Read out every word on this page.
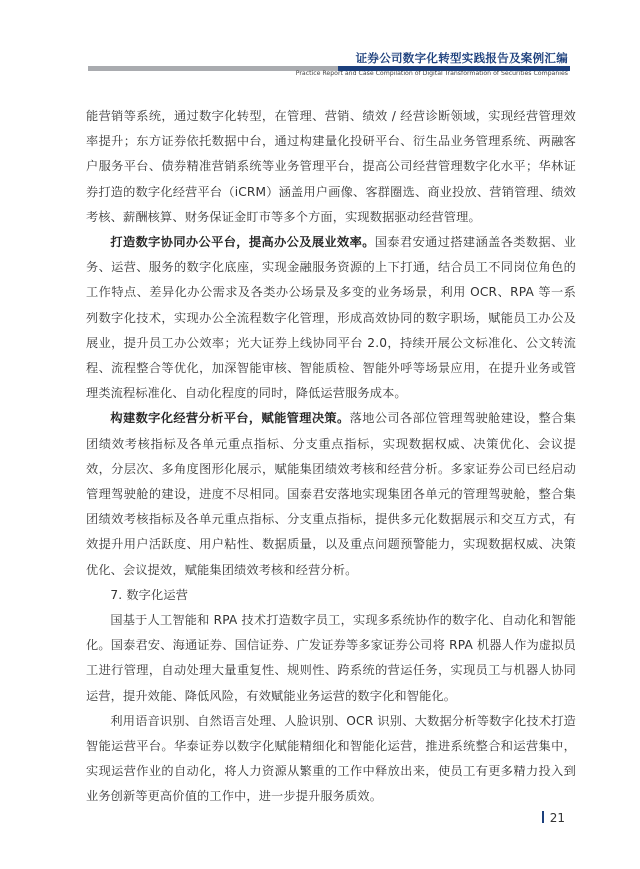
证券公司数字化转型实践报告及案例汇编
Practice Report and Case Compilation of Digital Transformation of Securities Companies

能营销等系统，通过数字化转型，在管理、营销、绩效 / 经营诊断领域，实现经营管理效率提升；东方证券依托数据中台，通过构建量化投研平台、衍生品业务管理系统、两融客户服务平台、债券精准营销系统等业务管理平台，提高公司经营管理数字化水平；华林证券打造的数字化经营平台（iCRM）涵盖用户画像、客群圈选、商业投放、营销管理、绩效考核、薪酬核算、财务保证金盯市等多个方面，实现数据驱动经营管理。

打造数字协同办公平台，提高办公及展业效率。国泰君安通过搭建涵盖各类数据、业务、运营、服务的数字化底座，实现金融服务资源的上下打通，结合员工不同岗位角色的工作特点、差异化办公需求及各类办公场景及多变的业务场景，利用 OCR、RPA 等一系列数字化技术，实现办公全流程数字化管理，形成高效协同的数字职场，赋能员工办公及展业，提升员工办公效率；光大证券上线协同平台 2.0，持续开展公文标准化、公文转流程、流程整合等优化，加深智能审核、智能质检、智能外呼等场景应用，在提升业务或管理类流程标准化、自动化程度的同时，降低运营服务成本。

构建数字化经营分析平台，赋能管理决策。落地公司各部位管理驾驶舱建设，整合集团绩效考核指标及各单元重点指标、分支重点指标，实现数据权威、决策优化、会议提效，分层次、多角度图形化展示，赋能集团绩效考核和经营分析。多家证券公司已经启动管理驾驶舱的建设，进度不尽相同。国泰君安落地实现集团各单元的管理驾驶舱，整合集团绩效考核指标及各单元重点指标、分支重点指标，提供多元化数据展示和交互方式，有效提升用户活跃度、用户粘性、数据质量，以及重点问题预警能力，实现数据权威、决策优化、会议提效，赋能集团绩效考核和经营分析。

7. 数字化运营

国基于人工智能和 RPA 技术打造数字员工，实现多系统协作的数字化、自动化和智能化。国泰君安、海通证券、国信证券、广发证券等多家证券公司将 RPA 机器人作为虚拟员工进行管理，自动处理大量重复性、规则性、跨系统的营运任务，实现员工与机器人协同运营，提升效能、降低风险，有效赋能业务运营的数字化和智能化。

利用语音识别、自然语言处理、人脸识别、OCR 识别、大数据分析等数字化技术打造智能运营平台。华泰证券以数字化赋能精细化和智能化运营，推进系统整合和运营集中，实现运营作业的自动化，将人力资源从繁重的工作中释放出来，使员工有更多精力投入到业务创新等更高价值的工作中，进一步提升服务质效。

21
